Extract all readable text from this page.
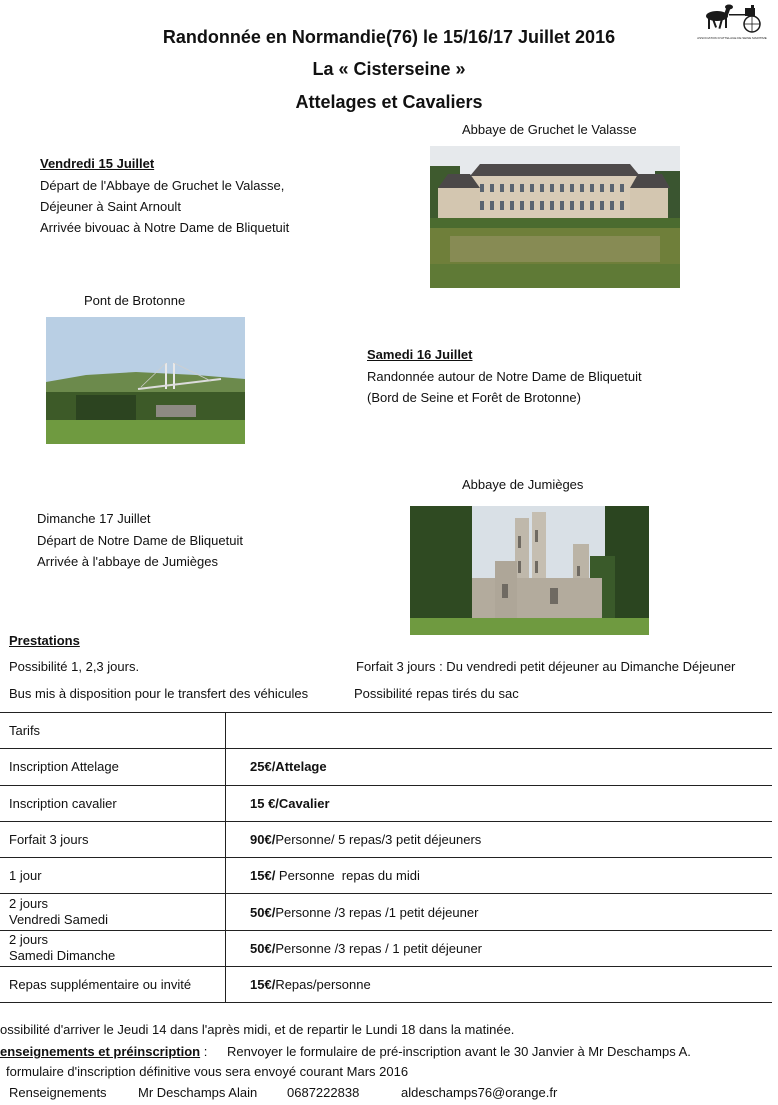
ASSOCIATION D'ATTELAGE DE SEINE MARITIME
Randonnée en Normandie(76) le 15/16/17 Juillet 2016
La « Cisterseine »
Attelages et Cavaliers
Abbaye de Gruchet le Valasse
Vendredi 15 Juillet
Départ de l'Abbaye de Gruchet le Valasse,
Déjeuner à Saint Arnoult
Arrivée bivouac à Notre Dame de Bliquetuit
Pont de Brotonne
Samedi 16 Juillet
Randonnée autour de Notre Dame de Bliquetuit
(Bord de Seine et Forêt de Brotonne)
Abbaye de Jumièges
Dimanche 17 Juillet
Départ de Notre Dame de Bliquetuit
Arrivée à l'abbaye de Jumièges
Prestations
Possibilité 1, 2,3 jours.
Bus mis à disposition pour le transfert des véhicules
Forfait 3 jours : Du vendredi petit déjeuner au Dimanche Déjeuner
Possibilité repas tirés du sac
Tarifs	
Inscription Attelage	25€/Attelage
Inscription cavalier	15 €/Cavalier
Forfait 3 jours	90€/Personne/ 5 repas/3 petit déjeuners
1 jour	15€/ Personne  repas du midi
2 jours
Vendredi Samedi	50€/Personne /3 repas /1 petit déjeuner
2 jours
Samedi Dimanche	50€/Personne /3 repas / 1 petit déjeuner
Repas supplémentaire ou invité	15€/Repas/personne
ossibilité d'arriver le Jeudi 14 dans l'après midi, et de repartir le Lundi 18 dans la matinée.
enseignements et préinscription : Renvoyer le formulaire de pré-inscription avant le 30 Janvier à Mr Deschamps A.
formulaire d'inscription définitive vous sera envoyé courant Mars 2016
Renseignements Mr Deschamps Alain 0687222838	aldeschamps76@orange.fr
